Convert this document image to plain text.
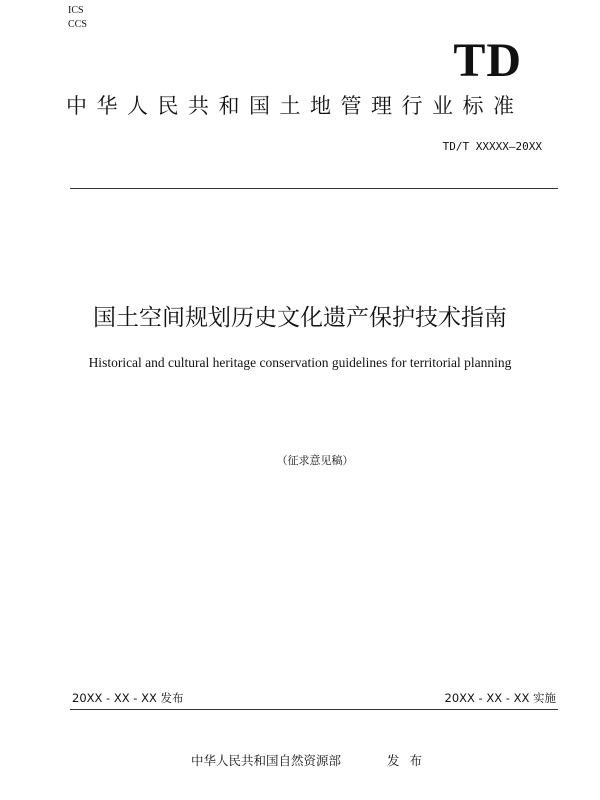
ICS
CCS
TD
中华人民共和国土地管理行业标准
TD/T XXXXX—20XX
国土空间规划历史文化遗产保护技术指南
Historical and cultural heritage conservation guidelines for territorial planning
（征求意见稿）
20XX - XX - XX 发布	20XX - XX - XX 实施
中华人民共和国自然资源部	发布
